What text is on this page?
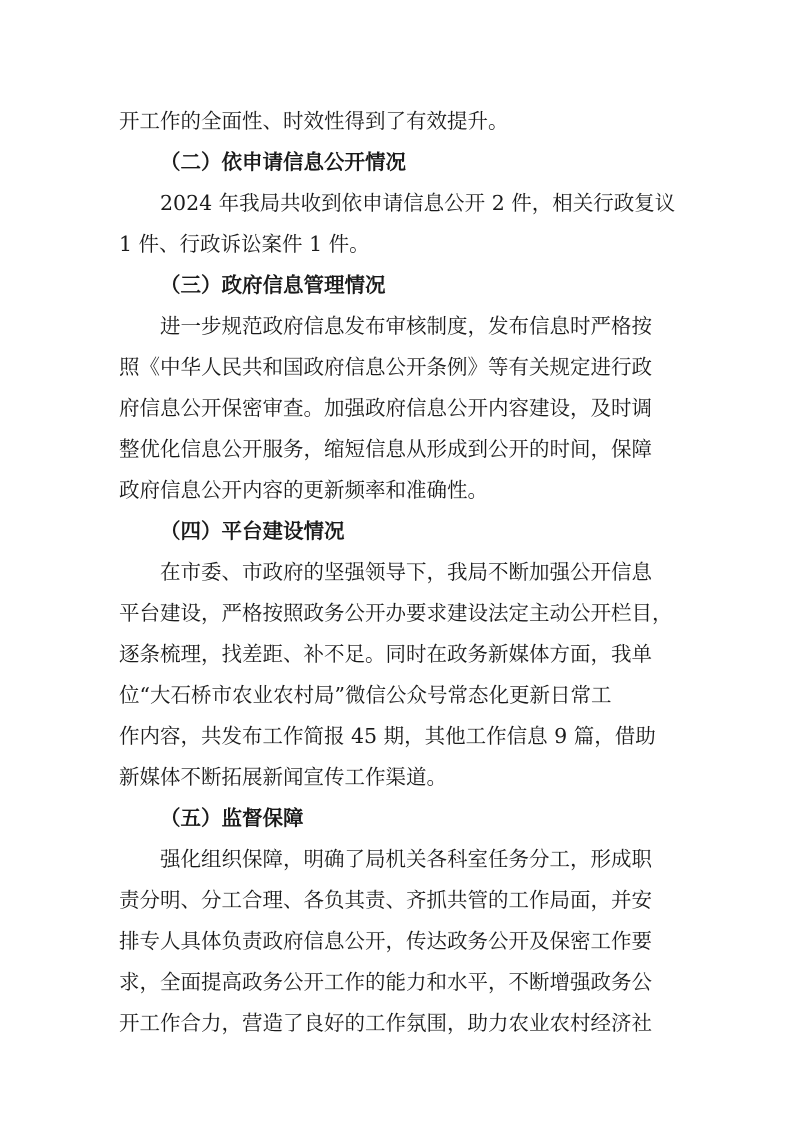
开工作的全面性、时效性得到了有效提升。
（二）依申请信息公开情况
2024 年我局共收到依申请信息公开 2 件，相关行政复议
1 件、行政诉讼案件 1 件。
（三）政府信息管理情况
进一步规范政府信息发布审核制度，发布信息时严格按
照《中华人民共和国政府信息公开条例》等有关规定进行政
府信息公开保密审查。加强政府信息公开内容建设，及时调
整优化信息公开服务，缩短信息从形成到公开的时间，保障
政府信息公开内容的更新频率和准确性。
（四）平台建设情况
在市委、市政府的坚强领导下，我局不断加强公开信息
平台建设，严格按照政务公开办要求建设法定主动公开栏目，
逐条梳理，找差距、补不足。同时在政务新媒体方面，我单
位“大石桥市农业农村局”微信公众号常态化更新日常工
作内容，共发布工作简报 45 期，其他工作信息 9 篇，借助
新媒体不断拓展新闻宣传工作渠道。
（五）监督保障
强化组织保障，明确了局机关各科室任务分工，形成职
责分明、分工合理、各负其责、齐抓共管的工作局面，并安
排专人具体负责政府信息公开，传达政务公开及保密工作要
求，全面提高政务公开工作的能力和水平，不断增强政务公
开工作合力，营造了良好的工作氛围，助力农业农村经济社
